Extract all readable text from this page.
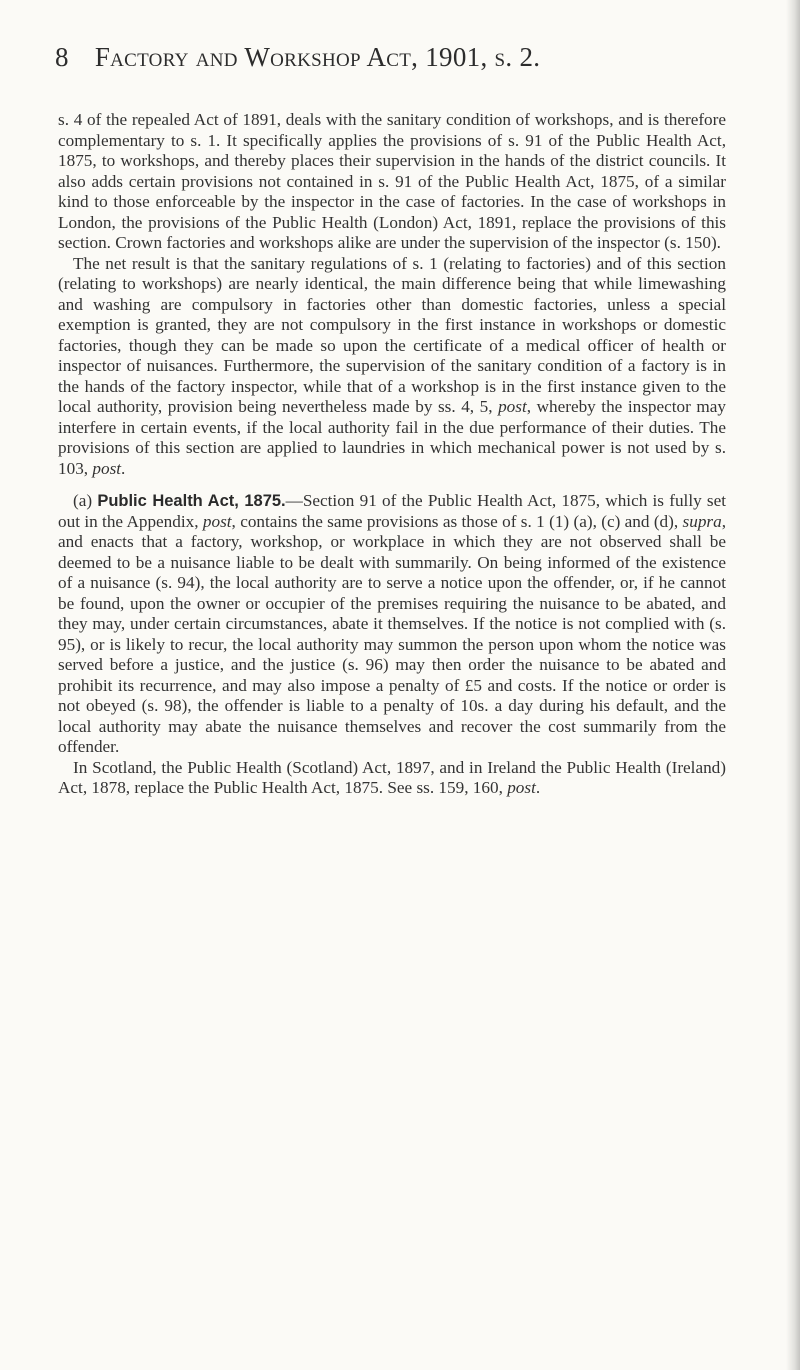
8 Factory and Workshop Act, 1901, s. 2.

s. 4 of the repealed Act of 1891, deals with the sanitary condition of workshops, and is therefore complementary to s. 1. It specifically applies the provisions of s. 91 of the Public Health Act, 1875, to workshops, and thereby places their supervision in the hands of the district councils. It also adds certain provisions not contained in s. 91 of the Public Health Act, 1875, of a similar kind to those enforceable by the inspector in the case of factories. In the case of workshops in London, the provisions of the Public Health (London) Act, 1891, replace the provisions of this section. Crown factories and workshops alike are under the supervision of the inspector (s. 150).

The net result is that the sanitary regulations of s. 1 (relating to factories) and of this section (relating to workshops) are nearly identical, the main difference being that while limewashing and washing are compulsory in factories other than domestic factories, unless a special exemption is granted, they are not compulsory in the first instance in workshops or domestic factories, though they can be made so upon the certificate of a medical officer of health or inspector of nuisances. Furthermore, the supervision of the sanitary condition of a factory is in the hands of the factory inspector, while that of a workshop is in the first instance given to the local authority, provision being nevertheless made by ss. 4, 5, post, whereby the inspector may interfere in certain events, if the local authority fail in the due performance of their duties. The provisions of this section are applied to laundries in which mechanical power is not used by s. 103, post.

(a) Public Health Act, 1875.—Section 91 of the Public Health Act, 1875, which is fully set out in the Appendix, post, contains the same provisions as those of s. 1 (1) (a), (c) and (d), supra, and enacts that a factory, workshop, or workplace in which they are not observed shall be deemed to be a nuisance liable to be dealt with summarily. On being informed of the existence of a nuisance (s. 94), the local authority are to serve a notice upon the offender, or, if he cannot be found, upon the owner or occupier of the premises requiring the nuisance to be abated, and they may, under certain circumstances, abate it themselves. If the notice is not complied with (s. 95), or is likely to recur, the local authority may summon the person upon whom the notice was served before a justice, and the justice (s. 96) may then order the nuisance to be abated and prohibit its recurrence, and may also impose a penalty of £5 and costs. If the notice or order is not obeyed (s. 98), the offender is liable to a penalty of 10s. a day during his default, and the local authority may abate the nuisance themselves and recover the cost summarily from the offender.

In Scotland, the Public Health (Scotland) Act, 1897, and in Ireland the Public Health (Ireland) Act, 1878, replace the Public Health Act, 1875. See ss. 159, 160, post.
